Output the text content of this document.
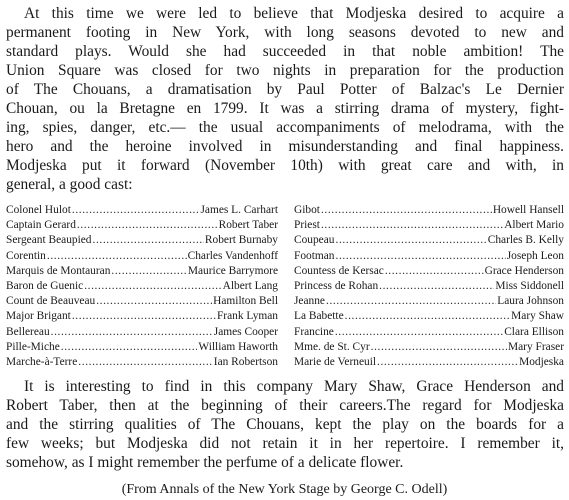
At this time we were led to believe that Modjeska desired to acquire a
permanent footing in New York, with long seasons devoted to new and
standard plays. Would she had succeeded in that noble ambition! The
Union Square was closed for two nights in preparation for the production
of The Chouans, a dramatisation by Paul Potter of Balzac's Le Dernier
Chouan, ou la Bretagne en 1799. It was a stirring drama of mystery, fight-
ing, spies, danger, etc.— the usual accompaniments of melodrama, with the
hero and the heroine involved in misunderstanding and final happiness.
Modjeska put it forward (November 10th) with great care and with, in
general, a good cast:

Colonel Hulot .....	James L. Carhart
Captain Gerard .....	Robert Taber
Sergeant Beaupied .....	Robert Burnaby
Corentin .....	Charles Vandenhoff
Marquis de Montauran .....	Maurice Barrymore
Baron de Guenic .....	Albert Lang
Count de Beauveau .....	Hamilton Bell
Major Brigant .....	Frank Lyman
Bellereau .....	James Cooper
Pille-Miche .....	William Haworth
Marche-à-Terre .....	Ian Robertson
Gibot .....	Howell Hansell
Priest .....	Albert Mario
Coupeau .....	Charles B. Kelly
Footman .....	Joseph Leon
Countess de Kersac .....	Grace Henderson
Princess de Rohan .....	Miss Siddonell
Jeanne .....	Laura Johnson
La Babette .....	Mary Shaw
Francine .....	Clara Ellison
Mme. de St. Cyr .....	Mary Fraser
Marie de Verneuil .....	Modjeska

It is interesting to find in this company Mary Shaw, Grace Henderson and
Robert Taber, then at the beginning of their careers.The regard for Modjeska
and the stirring qualities of The Chouans, kept the play on the boards for a
few weeks; but Modjeska did not retain it in her repertoire. I remember it,
somehow, as I might remember the perfume of a delicate flower.

(From Annals of the New York Stage by George C. Odell)
